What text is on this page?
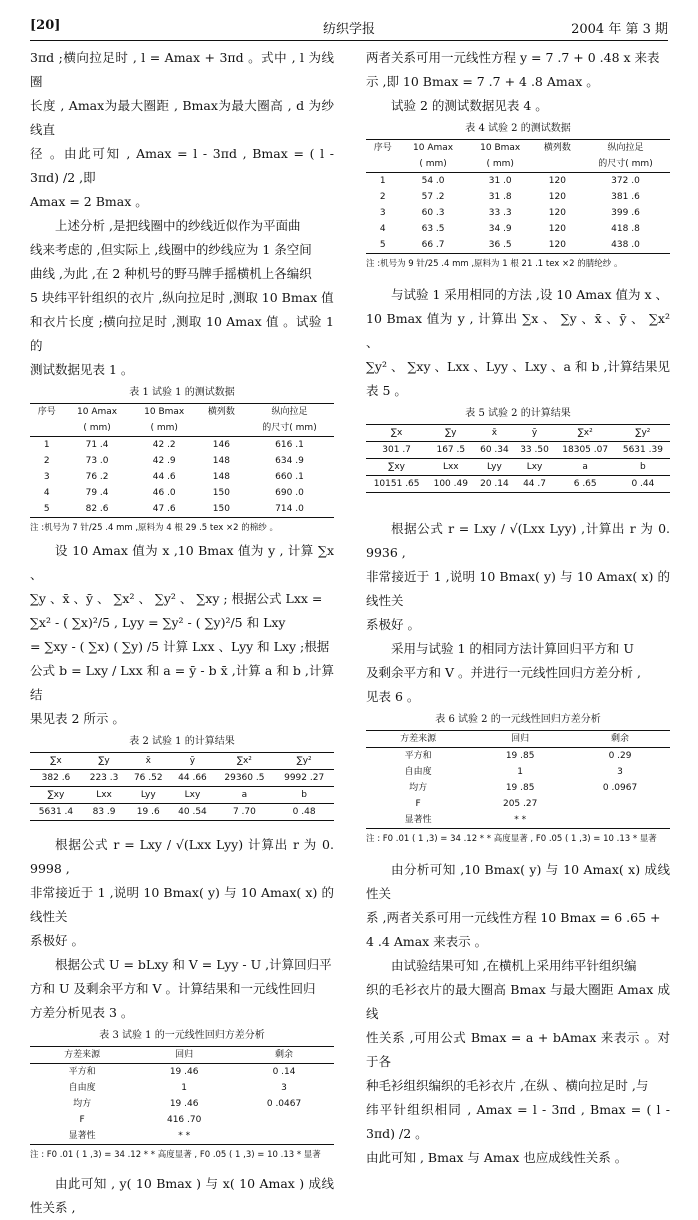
[20]	纺织学报	2004 年 第 3 期

3πd ;横向拉足时 , l = Amax + 3πd 。式中 , l 为线圈

长度 , Amax为最大圈距 , Bmax为最大圈高 , d 为纱线直

径 。由此可知 , Amax = l - 3πd , Bmax = ( l - 3πd) /2 ,即

Amax = 2 Bmax 。

上述分析 ,是把线圈中的纱线近似作为平面曲

线来考虑的 ,但实际上 ,线圈中的纱线应为 1 条空间

曲线 ,为此 ,在 2 种机号的野马牌手摇横机上各编织

5 块纬平针组织的衣片 ,纵向拉足时 ,测取 10 Bmax 值

和衣片长度 ;横向拉足时 ,测取 10 Amax 值 。试验 1 的

测试数据见表 1 。

表 1 试验 1 的测试数据
序号	10 Amax	10 Bmax	横列数	纵向拉足
	( mm)	( mm)		的尺寸( mm)
1	71 .4	42 .2	146	616 .1
2	73 .0	42 .9	148	634 .9
3	76 .2	44 .6	148	660 .1
4	79 .4	46 .0	150	690 .0
5	82 .6	47 .6	150	714 .0
注 :机号为 7 针/25 .4 mm ,原料为 4 根 29 .5 tex ×2 的棉纱 。

设 10 Amax 值为 x ,10 Bmax 值为 y , 计算 ∑x 、

∑y 、x̄ 、ȳ 、 ∑x² 、 ∑y² 、 ∑xy ; 根据公式 Lxx =

∑x² - ( ∑x)²/5 , Lyy = ∑y² - ( ∑y)²/5 和 Lxy

= ∑xy - ( ∑x) ( ∑y) /5 计算 Lxx 、Lyy 和 Lxy ;根据

公式 b = Lxy / Lxx 和 a = ȳ - b x̄ ,计算 a 和 b ,计算结

果见表 2 所示 。

表 2 试验 1 的计算结果
∑x	∑y	x̄	ȳ	∑x²	∑y²
382 .6	223 .3	76 .52	44 .66	29360 .5	9992 .27
∑xy	Lxx	Lyy	Lxy	a	b
5631 .4	83 .9	19 .6	40 .54	7 .70	0 .48

根据公式 r = Lxy / √(Lxx Lyy) 计算出 r 为 0. 9998 ,

非常接近于 1 ,说明 10 Bmax( y) 与 10 Amax( x) 的线性关

系极好 。

根据公式 U = bLxy 和 V = Lyy - U ,计算回归平

方和 U 及剩余平方和 V 。计算结果和一元线性回归

方差分析见表 3 。

表 3 试验 1 的一元线性回归方差分析
方差来源	回归	剩余
平方和	19 .46	0 .14
自由度	1	3
均方	19 .46	0 .0467
F	416 .70	
显著性	* *	
注 : F0 .01 ( 1 ,3) = 34 .12 * * 高度显著 , F0 .05 ( 1 ,3) = 10 .13 * 显著

由此可知 , y( 10 Bmax ) 与 x( 10 Amax ) 成线性关系 ,

两者关系可用一元线性方程 y = 7 .7 + 0 .48 x 来表

示 ,即 10 Bmax = 7 .7 + 4 .8 Amax 。

试验 2 的测试数据见表 4 。

表 4 试验 2 的测试数据
序号	10 Amax	10 Bmax	横列数	纵向拉足
	( mm)	( mm)		的尺寸( mm)
1	54 .0	31 .0	120	372 .0
2	57 .2	31 .8	120	381 .6
3	60 .3	33 .3	120	399 .6
4	63 .5	34 .9	120	418 .8
5	66 .7	36 .5	120	438 .0
注 :机号为 9 针/25 .4 mm ,原料为 1 根 21 .1 tex ×2 的腈纶纱 。

与试验 1 采用相同的方法 ,设 10 Amax 值为 x 、

10 Bmax 值为 y , 计算出 ∑x 、 ∑y 、x̄ 、ȳ 、 ∑x² 、

∑y² 、 ∑xy 、Lxx 、Lyy 、Lxy 、a 和 b ,计算结果见表 5 。

表 5 试验 2 的计算结果
∑x	∑y	x̄	ȳ	∑x²	∑y²
301 .7	167 .5	60 .34	33 .50	18305 .07	5631 .39
∑xy	Lxx	Lyy	Lxy	a	b
10151 .65	100 .49	20 .14	44 .7	6 .65	0 .44

根据公式 r = Lxy / √(Lxx Lyy) ,计算出 r 为 0. 9936 ,

非常接近于 1 ,说明 10 Bmax( y) 与 10 Amax( x) 的线性关

系极好 。

采用与试验 1 的相同方法计算回归平方和 U

及剩余平方和 V 。并进行一元线性回归方差分析 ,

见表 6 。

表 6 试验 2 的一元线性回归方差分析
方差来源	回归	剩余
平方和	19 .85	0 .29
自由度	1	3
均方	19 .85	0 .0967
F	205 .27	
显著性	* *	
注 : F0 .01 ( 1 ,3) = 34 .12 * * 高度显著 , F0 .05 ( 1 ,3) = 10 .13 * 显著

由分析可知 ,10 Bmax( y) 与 10 Amax( x) 成线性关

系 ,两者关系可用一元线性方程 10 Bmax = 6 .65 +

4 .4 Amax 来表示 。

由试验结果可知 ,在横机上采用纬平针组织编

织的毛衫衣片的最大圈高 Bmax 与最大圈距 Amax 成线

性关系 ,可用公式 Bmax = a + bAmax 来表示 。对于各

种毛衫组织编织的毛衫衣片 ,在纵 、横向拉足时 ,与

纬平针组织相同 , Amax = l - 3πd , Bmax = ( l - 3πd) /2 。

由此可知 , Bmax 与 Amax 也应成线性关系 。
